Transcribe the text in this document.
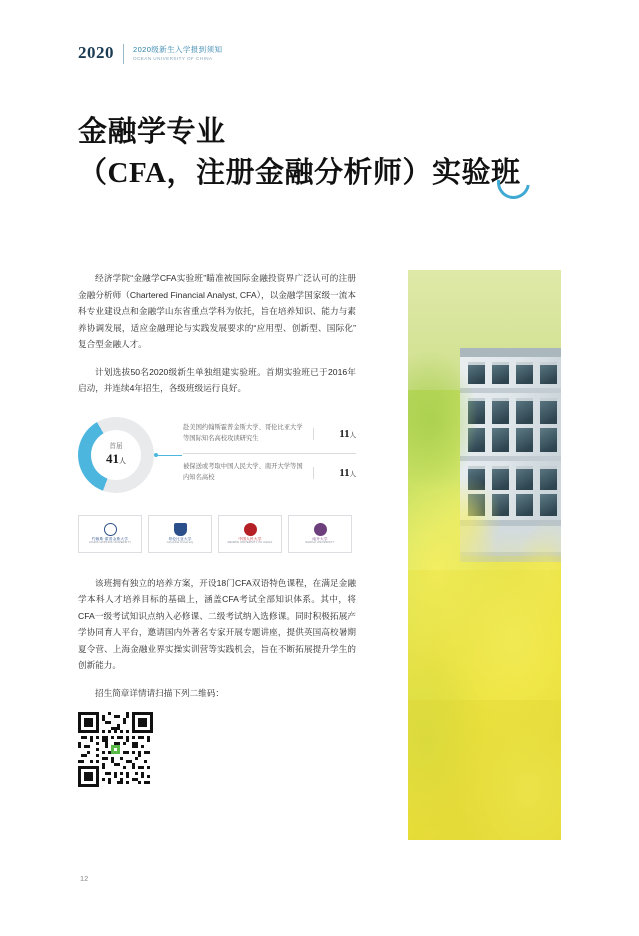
2020	2020级新生入学报到须知
OCEAN UNIVERSITY OF CHINA
金融学专业
（CFA，注册金融分析师）实验班

经济学院“金融学CFA实验班”瞄准被国际金融投资界广泛认可的注册金融分析师（Chartered Financial Analyst, CFA），以金融学国家级一流本科专业建设点和金融学山东省重点学科为依托，旨在培养知识、能力与素养协调发展，适应金融理论与实践发展要求的“应用型、创新型、国际化”复合型金融人才。

计划选拔50名2020级新生单独组建实验班。首期实验班已于2016年启动，并连续4年招生，各级班级运行良好。

首届
41人
赴美国约翰斯霍普金斯大学、哥伦比亚大学等国际知名高校攻读研究生	11人
被保送或考取中国人民大学、南开大学等国内知名高校	11人
约翰斯·霍普金斯大学
JOHNS HOPKINS UNIVERSITY
哥伦比亚大学
Columbia University
中国人民大学
RENMIN UNIVERSITY OF CHINA
南开大学
NANKAI UNIVERSITY

该班拥有独立的培养方案，开设18门CFA双语特色课程，在满足金融学本科人才培养目标的基础上，涵盖CFA考试全部知识体系。其中，将CFA一级考试知识点纳入必修课、二级考试纳入选修课。同时积极拓展产学协同育人平台，邀请国内外著名专家开展专题讲座，提供英国高校暑期夏令营、上海金融业界实操实训营等实践机会，旨在不断拓展提升学生的创新能力。

招生简章详情请扫描下列二维码：

12
